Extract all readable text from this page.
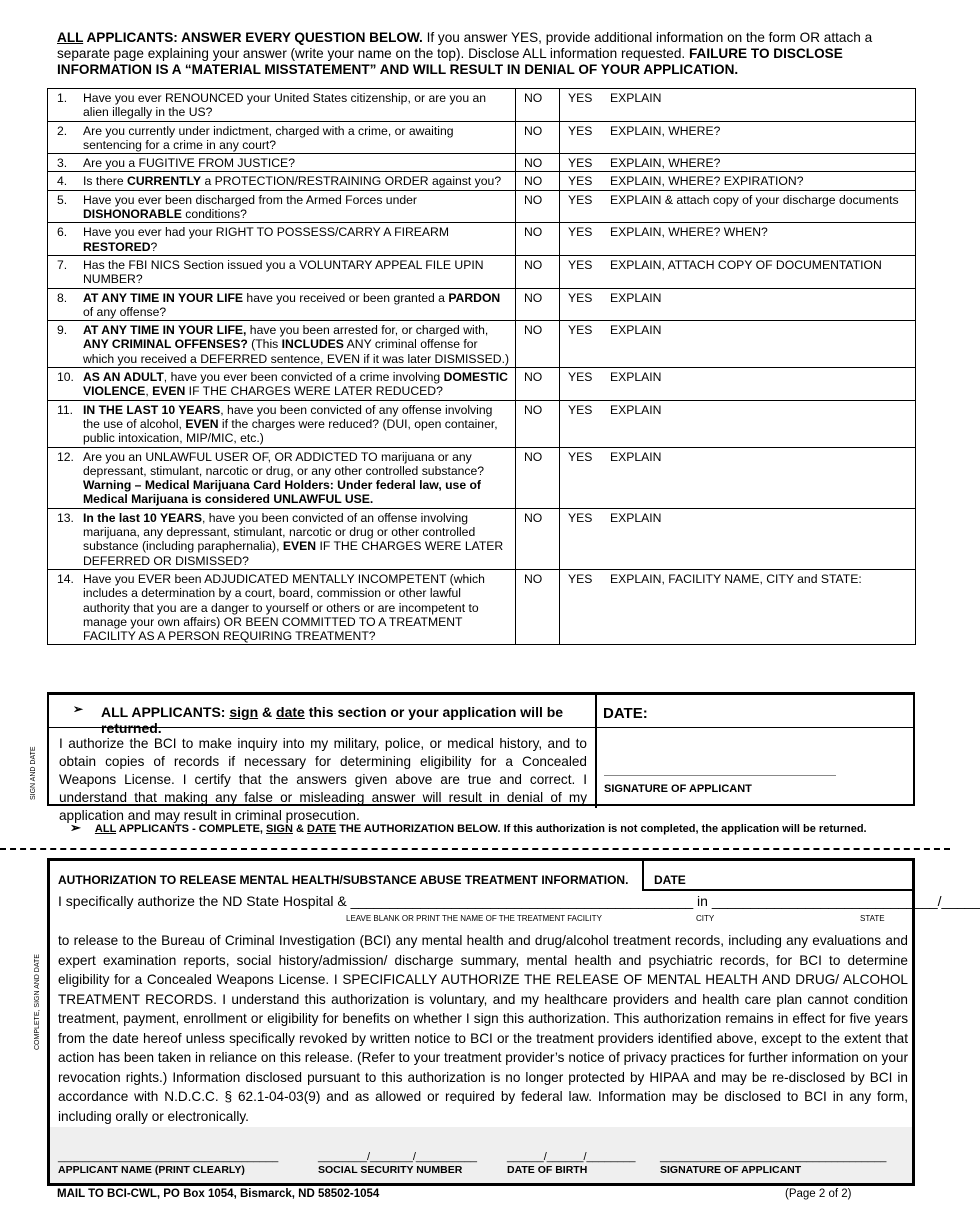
ALL APPLICANTS: ANSWER EVERY QUESTION BELOW. If you answer YES, provide additional information on the form OR attach a separate page explaining your answer (write your name on the top). Disclose ALL information requested. FAILURE TO DISCLOSE INFORMATION IS A “MATERIAL MISSTATEMENT” AND WILL RESULT IN DENIAL OF YOUR APPLICATION.
1.	Have you ever RENOUNCED your United States citizenship, or are you an alien illegally in the US?	NO	YES	EXPLAIN
2.	Are you currently under indictment, charged with a crime, or awaiting sentencing for a crime in any court?	NO	YES	EXPLAIN, WHERE?
3.	Are you a FUGITIVE FROM JUSTICE?	NO	YES	EXPLAIN, WHERE?
4.	Is there CURRENTLY a PROTECTION/RESTRAINING ORDER against you?	NO	YES	EXPLAIN, WHERE? EXPIRATION?
5.	Have you ever been discharged from the Armed Forces under DISHONORABLE conditions?	NO	YES	EXPLAIN & attach copy of your discharge documents
6.	Have you ever had your RIGHT TO POSSESS/CARRY A FIREARM RESTORED?	NO	YES	EXPLAIN, WHERE? WHEN?
7.	Has the FBI NICS Section issued you a VOLUNTARY APPEAL FILE UPIN NUMBER?	NO	YES	EXPLAIN, ATTACH COPY OF DOCUMENTATION
8.	AT ANY TIME IN YOUR LIFE have you received or been granted a PARDON of any offense?	NO	YES	EXPLAIN
9.	AT ANY TIME IN YOUR LIFE, have you been arrested for, or charged with, ANY CRIMINAL OFFENSES? (This INCLUDES ANY criminal offense for which you received a DEFERRED sentence, EVEN if it was later DISMISSED.)	NO	YES	EXPLAIN
10.	AS AN ADULT, have you ever been convicted of a crime involving DOMESTIC VIOLENCE, EVEN IF THE CHARGES WERE LATER REDUCED?	NO	YES	EXPLAIN
11.	IN THE LAST 10 YEARS, have you been convicted of any offense involving the use of alcohol, EVEN if the charges were reduced? (DUI, open container, public intoxication, MIP/MIC, etc.)	NO	YES	EXPLAIN
12.	Are you an UNLAWFUL USER OF, OR ADDICTED TO marijuana or any depressant, stimulant, narcotic or drug, or any other controlled substance? Warning – Medical Marijuana Card Holders: Under federal law, use of Medical Marijuana is considered UNLAWFUL USE.	NO	YES	EXPLAIN
13.	In the last 10 YEARS, have you been convicted of an offense involving marijuana, any depressant, stimulant, narcotic or drug or other controlled substance (including paraphernalia), EVEN IF THE CHARGES WERE LATER DEFERRED OR DISMISSED?	NO	YES	EXPLAIN
14.	Have you EVER been ADJUDICATED MENTALLY INCOMPETENT (which includes a determination by a court, board, commission or other lawful authority that you are a danger to yourself or others or are incompetent to manage your own affairs) OR BEEN COMMITTED TO A TREATMENT FACILITY AS A PERSON REQUIRING TREATMENT?	NO	YES	EXPLAIN, FACILITY NAME, CITY and STATE:
➢ ALL APPLICANTS: sign & date this section or your application will be returned.
DATE:
I authorize the BCI to make inquiry into my military, police, or medical history, and to obtain copies of records if necessary for determining eligibility for a Concealed Weapons License. I certify that the answers given above are true and correct. I understand that making any false or misleading answer will result in denial of my application and may result in criminal prosecution.
SIGNATURE OF APPLICANT
SIGN AND DATE
➢ ALL APPLICANTS - COMPLETE, SIGN & DATE THE AUTHORIZATION BELOW. If this authorization is not completed, the application will be returned.
AUTHORIZATION TO RELEASE MENTAL HEALTH/SUBSTANCE ABUSE TREATMENT INFORMATION. DATE
I specifically authorize the ND State Hospital & ____________________________________________ in _____________________________/_____
LEAVE BLANK OR PRINT THE NAME OF THE TREATMENT FACILITY	CITY	STATE
to release to the Bureau of Criminal Investigation (BCI) any mental health and drug/alcohol treatment records, including any evaluations and expert examination reports, social history/admission/ discharge summary, mental health and psychiatric records, for BCI to determine eligibility for a Concealed Weapons License. I SPECIFICALLY AUTHORIZE THE RELEASE OF MENTAL HEALTH AND DRUG/ ALCOHOL TREATMENT RECORDS. I understand this authorization is voluntary, and my healthcare providers and health care plan cannot condition treatment, payment, enrollment or eligibility for benefits on whether I sign this authorization. This authorization remains in effect for five years from the date hereof unless specifically revoked by written notice to BCI or the treatment providers identified above, except to the extent that action has been taken in reliance on this release. (Refer to your treatment provider’s notice of privacy practices for further information on your revocation rights.) Information disclosed pursuant to this authorization is no longer protected by HIPAA and may be re-disclosed by BCI in accordance with N.D.C.C. § 62.1-04-03(9) and as allowed or required by federal law. Information may be disclosed to BCI in any form, including orally or electronically.
____________________________________
APPLICANT NAME (PRINT CLEARLY)
________/_______/__________
SOCIAL SECURITY NUMBER
______/______/________
DATE OF BIRTH
_____________________________________
SIGNATURE OF APPLICANT
COMPLETE, SIGN AND DATE
MAIL TO BCI-CWL, PO Box 1054, Bismarck, ND 58502-1054	(Page 2 of 2)
